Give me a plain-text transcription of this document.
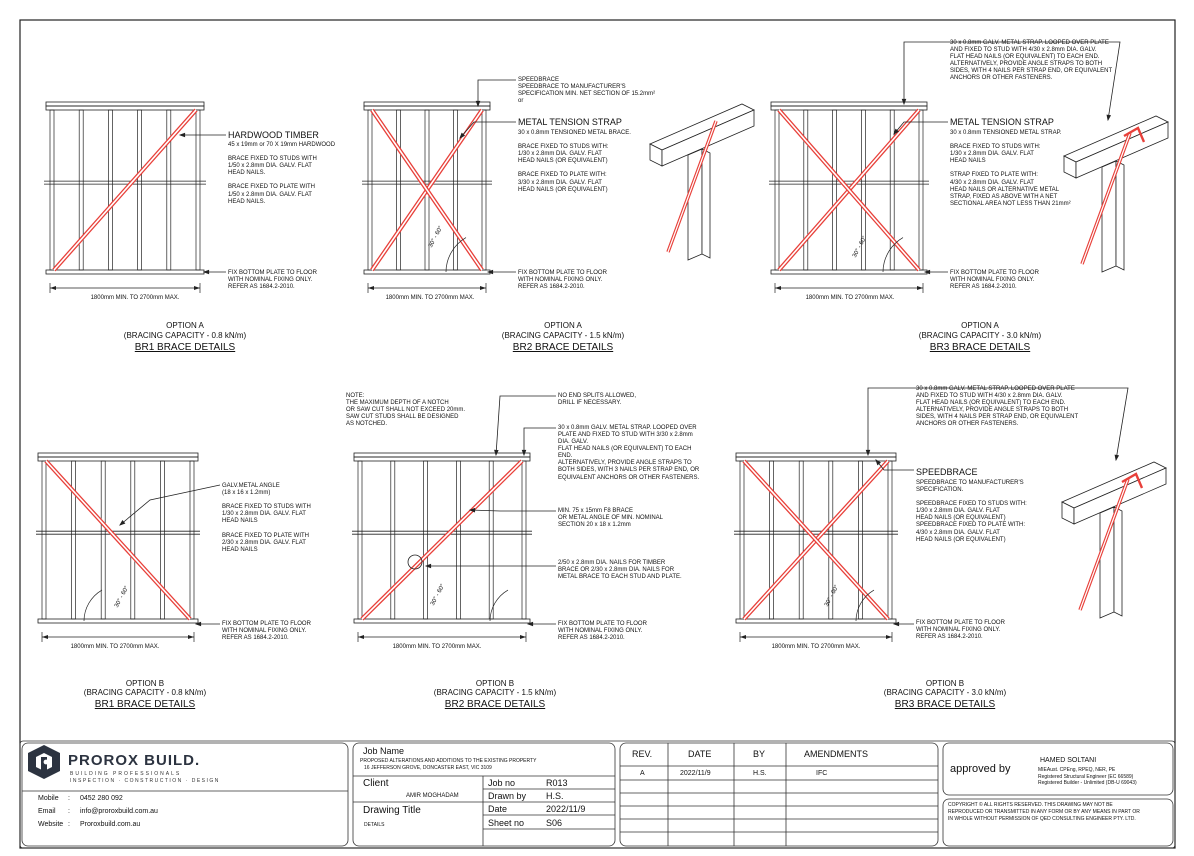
HARDWOOD TIMBER
45 x 19mm or 70 X 19mm HARDWOOD

BRACE FIXED TO STUDS WITH
1/50 x 2.8mm DIA. GALV. FLAT
HEAD NAILS.

BRACE FIXED TO PLATE WITH
1/50 x 2.8mm DIA. GALV. FLAT
HEAD NAILS.
FIX BOTTOM PLATE TO FLOOR
WITH NOMINAL FIXING ONLY.
REFER AS 1684.2-2010.
1800mm MIN. TO 2700mm MAX.
SPEEDBRACE
SPEEDBRACE TO MANUFACTURER'S
SPECIFICATION MIN. NET SECTION OF 15.2mm²
or
METAL TENSION STRAP
30 x 0.8mm TENSIONED METAL BRACE.

BRACE FIXED TO STUDS WITH:
1/30 x 2.8mm DIA. GALV. FLAT
HEAD NAILS (OR EQUIVALENT)

BRACE FIXED TO PLATE WITH:
3/30 x 2.8mm DIA. GALV. FLAT
HEAD NAILS (OR EQUIVALENT)
FIX BOTTOM PLATE TO FLOOR
WITH NOMINAL FIXING ONLY.
REFER AS 1684.2-2010.
1800mm MIN. TO 2700mm MAX.
30° - 60°
30 x 0.8mm GALV. METAL STRAP. LOOPED OVER PLATE
AND FIXED TO STUD WITH 4/30 x 2.8mm DIA. GALV.
FLAT HEAD NAILS (OR EQUIVALENT) TO EACH END.
ALTERNATIVELY, PROVIDE ANGLE STRAPS TO BOTH
SIDES, WITH 4 NAILS PER STRAP END, OR EQUIVALENT
ANCHORS OR OTHER FASTENERS.
METAL TENSION STRAP
30 x 0.8mm TENSIONED METAL STRAP.

BRACE FIXED TO STUDS WITH:
1/30 x 2.8mm DIA. GALV. FLAT
HEAD NAILS

STRAP FIXED TO PLATE WITH:
4/30 x 2.8mm DIA. GALV. FLAT
HEAD NAILS OR ALTERNATIVE METAL
STRAP, FIXED AS ABOVE WITH A NET
SECTIONAL AREA NOT LESS THAN 21mm²
FIX BOTTOM PLATE TO FLOOR
WITH NOMINAL FIXING ONLY.
REFER AS 1684.2-2010.
1800mm MIN. TO 2700mm MAX.
30° - 60°
GALV.METAL ANGLE
(18 x 16 x 1.2mm)

BRACE FIXED TO STUDS WITH
1/30 x 2.8mm DIA. GALV. FLAT
HEAD NAILS

BRACE FIXED TO PLATE WITH
2/30 x 2.8mm DIA. GALV. FLAT
HEAD NAILS
FIX BOTTOM PLATE TO FLOOR
WITH NOMINAL FIXING ONLY.
REFER AS 1684.2-2010.
1800mm MIN. TO 2700mm MAX.
30° - 60°
NOTE:
THE MAXIMUM DEPTH OF A NOTCH
OR SAW CUT SHALL NOT EXCEED 20mm.
SAW CUT STUDS SHALL BE DESIGNED
AS NOTCHED.
NO END SPLITS ALLOWED,
DRILL IF NECESSARY.
30 x 0.8mm GALV. METAL STRAP. LOOPED OVER
PLATE AND FIXED TO STUD WITH 3/30 x 2.8mm
DIA. GALV.
FLAT HEAD NAILS (OR EQUIVALENT) TO EACH
END.
ALTERNATIVELY, PROVIDE ANGLE STRAPS TO
BOTH SIDES, WITH 3 NAILS PER STRAP END, OR
EQUIVALENT ANCHORS OR OTHER FASTENERS.
MIN. 75 x 15mm F8 BRACE
OR METAL ANGLE OF MIN. NOMINAL
SECTION 20 x 18 x 1.2mm
2/50 x 2.8mm DIA. NAILS FOR TIMBER
BRACE OR 2/30 x 2.8mm DIA. NAILS FOR
METAL BRACE TO EACH STUD AND PLATE.
FIX BOTTOM PLATE TO FLOOR
WITH NOMINAL FIXING ONLY.
REFER AS 1684.2-2010.
1800mm MIN. TO 2700mm MAX.
30° - 60°
30 x 0.8mm GALV. METAL STRAP. LOOPED OVER PLATE
AND FIXED TO STUD WITH 4/30 x 2.8mm DIA. GALV.
FLAT HEAD NAILS (OR EQUIVALENT) TO EACH END.
ALTERNATIVELY, PROVIDE ANGLE STRAPS TO BOTH
SIDES, WITH 4 NAILS PER STRAP END, OR EQUIVALENT
ANCHORS OR OTHER FASTENERS.
SPEEDBRACE
SPEEDBRACE TO MANUFACTURER'S
SPECIFICATION.

SPEEDBRACE FIXED TO STUDS WITH:
1/30 x 2.8mm DIA. GALV. FLAT
HEAD NAILS (OR EQUIVALENT)
SPEEDBRACE FIXED TO PLATE WITH:
4/30 x 2.8mm DIA. GALV. FLAT
HEAD NAILS (OR EQUIVALENT)
FIX BOTTOM PLATE TO FLOOR
WITH NOMINAL FIXING ONLY.
REFER AS 1684.2-2010.
1800mm MIN. TO 2700mm MAX.
30° - 60°
OPTION A
(BRACING CAPACITY - 0.8 kN/m)
BR1 BRACE DETAILS
OPTION A
(BRACING CAPACITY - 1.5 kN/m)
BR2 BRACE DETAILS
OPTION A
(BRACING CAPACITY - 3.0 kN/m)
BR3 BRACE DETAILS
OPTION B
(BRACING CAPACITY - 0.8 kN/m)
BR1 BRACE DETAILS
OPTION B
(BRACING CAPACITY - 1.5 kN/m)
BR2 BRACE DETAILS
OPTION B
(BRACING CAPACITY - 3.0 kN/m)
BR3 BRACE DETAILS
PROROX BUILD.
BUILDING PROFESSIONALS
INSPECTION · CONSTRUCTION · DESIGN
Mobile : 0452 280 092
Email : info@proroxbuild.com.au
Website : Proroxbuild.com.au
Job Name
PROPOSED ALTERATIONS AND ADDITIONS TO THE EXISTING PROPERTY
16 JEFFERSON GROVE, DONCASTER EAST, VIC 3109
Client
AMIR MOGHADAM
Drawing Title
DETAILS
Job no	R013
Drawn by H.S.
Date	2022/11/9
Sheet no S06
REV.	DATE	BY	AMENDMENTS
A	2022/11/9	H.S.	IFC	approved by
HAMED SOLTANI
MIEAust. CPEng, RPEQ, NER, PE
Registered Structural Engineer (EC 66589)
Registered Builder - Unlimited (DB-U 69043)
COPYRIGHT © ALL RIGHTS RESERVED. THIS DRAWING MAY NOT BE
REPRODUCED OR TRANSMITTED IN ANY FORM OR BY ANY MEANS IN PART OR
IN WHOLE WITHOUT PERMISSION OF QED CONSULTING ENGINEER PTY. LTD.
